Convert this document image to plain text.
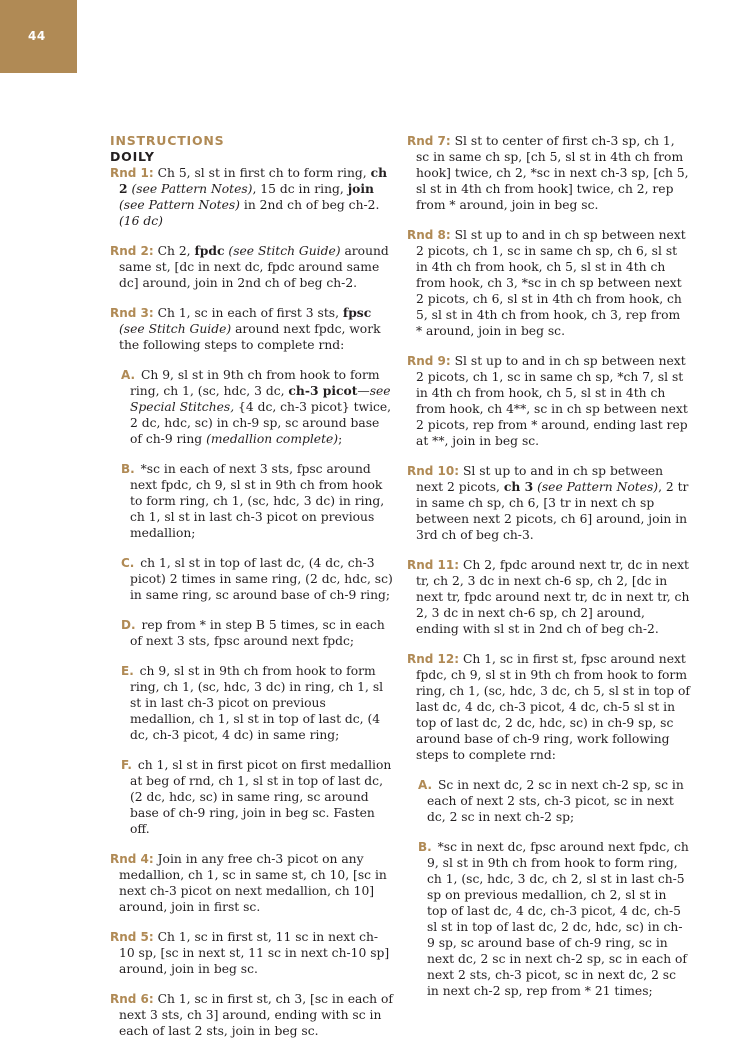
44

INSTRUCTIONS

DOILY

Rnd 1: Ch 5, sl st in first ch to form ring, ch 2 (see Pattern Notes), 15 dc in ring, join (see Pattern Notes) in 2nd ch of beg ch-2. (16 dc)

Rnd 2: Ch 2, fpdc (see Stitch Guide) around same st, [dc in next dc, fpdc around same dc] around, join in 2nd ch of beg ch-2.

Rnd 3: Ch 1, sc in each of first 3 sts, fpsc (see Stitch Guide) around next fpdc, work the following steps to complete rnd:

A. Ch 9, sl st in 9th ch from hook to form ring, ch 1, (sc, hdc, 3 dc, ch-3 picot—see Special Stitches, {4 dc, ch-3 picot} twice, 2 dc, hdc, sc) in ch-9 sp, sc around base of ch-9 ring (medallion complete);

B. *sc in each of next 3 sts, fpsc around next fpdc, ch 9, sl st in 9th ch from hook to form ring, ch 1, (sc, hdc, 3 dc) in ring, ch 1, sl st in last ch-3 picot on previous medallion;

C. ch 1, sl st in top of last dc, (4 dc, ch-3 picot) 2 times in same ring, (2 dc, hdc, sc) in same ring, sc around base of ch-9 ring;

D. rep from * in step B 5 times, sc in each of next 3 sts, fpsc around next fpdc;

E. ch 9, sl st in 9th ch from hook to form ring, ch 1, (sc, hdc, 3 dc) in ring, ch 1, sl st in last ch-3 picot on previous medallion, ch 1, sl st in top of last dc, (4 dc, ch-3 picot, 4 dc) in same ring;

F. ch 1, sl st in first picot on first medallion at beg of rnd, ch 1, sl st in top of last dc, (2 dc, hdc, sc) in same ring, sc around base of ch-9 ring, join in beg sc. Fasten off.

Rnd 4: Join in any free ch-3 picot on any medallion, ch 1, sc in same st, ch 10, [sc in next ch-3 picot on next medallion, ch 10] around, join in first sc.

Rnd 5: Ch 1, sc in first st, 11 sc in next ch-10 sp, [sc in next st, 11 sc in next ch-10 sp] around, join in beg sc.

Rnd 6: Ch 1, sc in first st, ch 3, [sc in each of next 3 sts, ch 3] around, ending with sc in each of last 2 sts, join in beg sc.

Rnd 7: Sl st to center of first ch-3 sp, ch 1, sc in same ch sp, [ch 5, sl st in 4th ch from hook] twice, ch 2, *sc in next ch-3 sp, [ch 5, sl st in 4th ch from hook] twice, ch 2, rep from * around, join in beg sc.

Rnd 8: Sl st up to and in ch sp between next 2 picots, ch 1, sc in same ch sp, ch 6, sl st in 4th ch from hook, ch 5, sl st in 4th ch from hook, ch 3, *sc in ch sp between next 2 picots, ch 6, sl st in 4th ch from hook, ch 5, sl st in 4th ch from hook, ch 3, rep from * around, join in beg sc.

Rnd 9: Sl st up to and in ch sp between next 2 picots, ch 1, sc in same ch sp, *ch 7, sl st in 4th ch from hook, ch 5, sl st in 4th ch from hook, ch 4**, sc in ch sp between next 2 picots, rep from * around, ending last rep at **, join in beg sc.

Rnd 10: Sl st up to and in ch sp between next 2 picots, ch 3 (see Pattern Notes), 2 tr in same ch sp, ch 6, [3 tr in next ch sp between next 2 picots, ch 6] around, join in 3rd ch of beg ch-3.

Rnd 11: Ch 2, fpdc around next tr, dc in next tr, ch 2, 3 dc in next ch-6 sp, ch 2, [dc in next tr, fpdc around next tr, dc in next tr, ch 2, 3 dc in next ch-6 sp, ch 2] around, ending with sl st in 2nd ch of beg ch-2.

Rnd 12: Ch 1, sc in first st, fpsc around next fpdc, ch 9, sl st in 9th ch from hook to form ring, ch 1, (sc, hdc, 3 dc, ch 5, sl st in top of last dc, 4 dc, ch-3 picot, 4 dc, ch-5 sl st in top of last dc, 2 dc, hdc, sc) in ch-9 sp, sc around base of ch-9 ring, work following steps to complete rnd:

A. Sc in next dc, 2 sc in next ch-2 sp, sc in each of next 2 sts, ch-3 picot, sc in next dc, 2 sc in next ch-2 sp;

B. *sc in next dc, fpsc around next fpdc, ch 9, sl st in 9th ch from hook to form ring, ch 1, (sc, hdc, 3 dc, ch 2, sl st in last ch-5 sp on previous medallion, ch 2, sl st in top of last dc, 4 dc, ch-3 picot, 4 dc, ch-5 sl st in top of last dc, 2 dc, hdc, sc) in ch-9 sp, sc around base of ch-9 ring, sc in next dc, 2 sc in next ch-2 sp, sc in each of next 2 sts, ch-3 picot, sc in next dc, 2 sc in next ch-2 sp, rep from * 21 times;
